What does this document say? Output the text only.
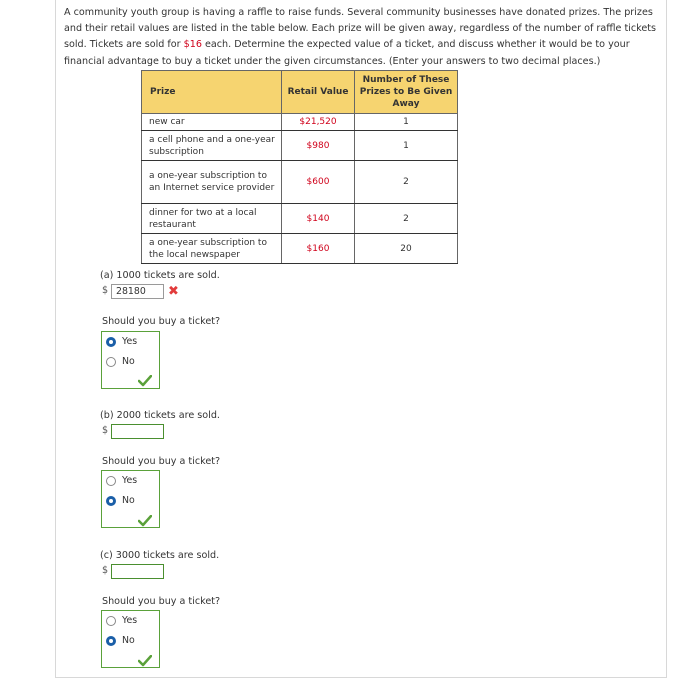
A community youth group is having a raffle to raise funds. Several community businesses have donated prizes. The prizes and their retail values are listed in the table below. Each prize will be given away, regardless of the number of raffle tickets sold. Tickets are sold for $16 each. Determine the expected value of a ticket, and discuss whether it would be to your financial advantage to buy a ticket under the given circumstances. (Enter your answers to two decimal places.)
Prize	Retail Value	Number of These Prizes to Be Given Away
new car	$21,520	1
a cell phone and a one-year subscription	$980	1
a one-year subscription to an Internet service provider	$600	2
dinner for two at a local restaurant	$140	2
a one-year subscription to the local newspaper	$160	20
(a) 1000 tickets are sold.
$ 28180	✖
Should you buy a ticket?
Yes
No
(b) 2000 tickets are sold.
$
Should you buy a ticket?
Yes
No
(c) 3000 tickets are sold.
$
Should you buy a ticket?
Yes
No
